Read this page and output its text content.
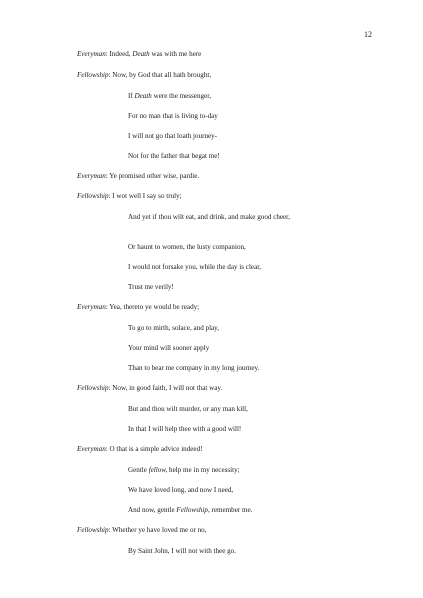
12
Everyman: Indeed, Death was with me here
Fellowship: Now, by God that all hath brought,
If Death were the messenger,
For no man that is living to-day
I will not go that loath journey-
Not for the father that begat me!
Everyman: Ye promised other wise, pardie.
Fellowship: I wot well I say so truly;
And yet if thou wilt eat, and drink, and make good cheer,
Or haunt to women, the lusty companion,
I would not forsake you, while the day is clear,
Trust me verily!
Everyman: Yea, thereto ye would be ready;
To go to mirth, solace, and play,
Your mind will sooner apply
Than to bear me company in my long journey.
Fellowship: Now, in good faith, I will not that way.
But and thou wilt murder, or any man kill,
In that I will help thee with a good will!
Everyman: O that is a simple advice indeed!
Gentle fellow, help me in my necessity;
We have loved long, and now I need,
And now, gentle Fellowship, remember me.
Fellowship: Whether ye have loved me or no,
By Saint John, I will not with thee go.
